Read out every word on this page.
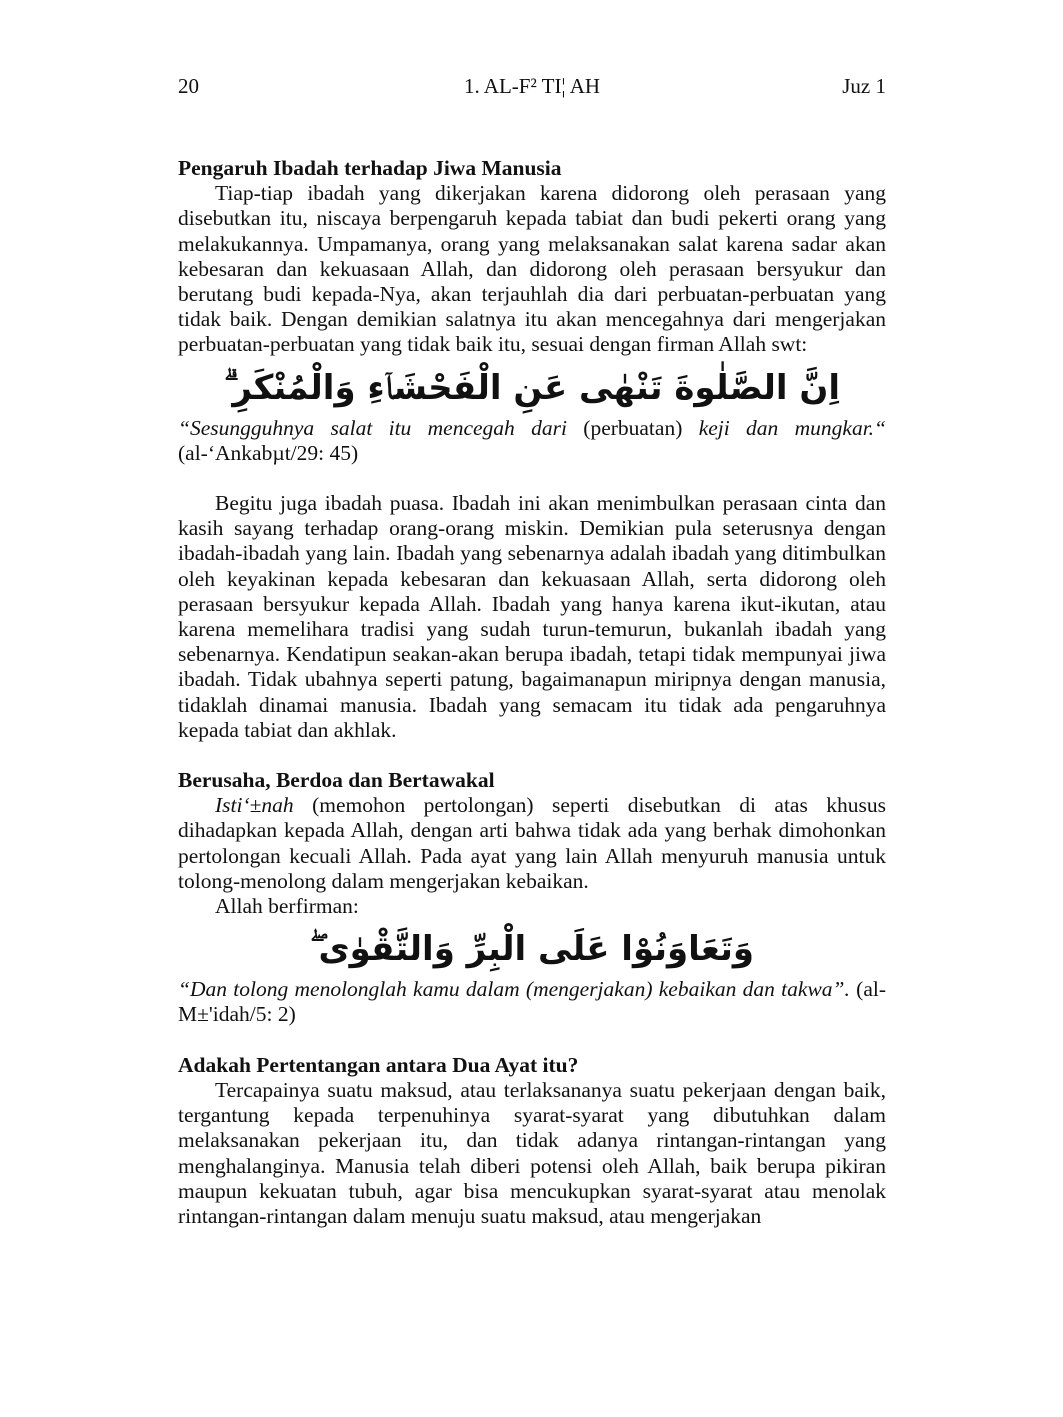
20	1. AL-F² TI¦ AH	Juz 1
Pengaruh Ibadah terhadap Jiwa Manusia

Tiap-tiap ibadah yang dikerjakan karena didorong oleh perasaan yang disebutkan itu, niscaya berpengaruh kepada tabiat dan budi pekerti orang yang melakukannya. Umpamanya, orang yang melaksanakan salat karena sadar akan kebesaran dan kekuasaan Allah, dan didorong oleh perasaan bersyukur dan berutang budi kepada-Nya, akan terjauhlah dia dari perbuatan-perbuatan yang tidak baik. Dengan demikian salatnya itu akan mencegahnya dari mengerjakan perbuatan-perbuatan yang tidak baik itu, sesuai dengan firman Allah swt:

اِنَّ الصَّلٰوةَ تَنْهٰى عَنِ الْفَحْشَاۤءِ وَالْمُنْكَرِ ۗ
“Sesungguhnya salat itu mencegah dari (perbuatan) keji dan mungkar.“ (al-‘Ankabµt/29: 45)

Begitu juga ibadah puasa. Ibadah ini akan menimbulkan perasaan cinta dan kasih sayang terhadap orang-orang miskin. Demikian pula seterusnya dengan ibadah-ibadah yang lain. Ibadah yang sebenarnya adalah ibadah yang ditimbulkan oleh keyakinan kepada kebesaran dan kekuasaan Allah, serta didorong oleh perasaan bersyukur kepada Allah. Ibadah yang hanya karena ikut-ikutan, atau karena memelihara tradisi yang sudah turun-temurun, bukanlah ibadah yang sebenarnya. Kendatipun seakan-akan berupa ibadah, tetapi tidak mempunyai jiwa ibadah. Tidak ubahnya seperti patung, bagaimanapun miripnya dengan manusia, tidaklah dinamai manusia. Ibadah yang semacam itu tidak ada pengaruhnya kepada tabiat dan akhlak.

Berusaha, Berdoa dan Bertawakal

Isti‘±nah (memohon pertolongan) seperti disebutkan di atas khusus dihadapkan kepada Allah, dengan arti bahwa tidak ada yang berhak dimohonkan pertolongan kecuali Allah. Pada ayat yang lain Allah menyuruh manusia untuk tolong-menolong dalam mengerjakan kebaikan.

Allah berfirman:

وَتَعَاوَنُوْا عَلَى الْبِرِّ وَالتَّقْوٰى ۖ
“Dan tolong menolonglah kamu dalam (mengerjakan) kebaikan dan takwa”. (al-M±'idah/5: 2)
Adakah Pertentangan antara Dua Ayat itu?

Tercapainya suatu maksud, atau terlaksananya suatu pekerjaan dengan baik, tergantung kepada terpenuhinya syarat-syarat yang dibutuhkan dalam melaksanakan pekerjaan itu, dan tidak adanya rintangan-rintangan yang menghalanginya. Manusia telah diberi potensi oleh Allah, baik berupa pikiran maupun kekuatan tubuh, agar bisa mencukupkan syarat-syarat atau menolak rintangan-rintangan dalam menuju suatu maksud, atau mengerjakan
